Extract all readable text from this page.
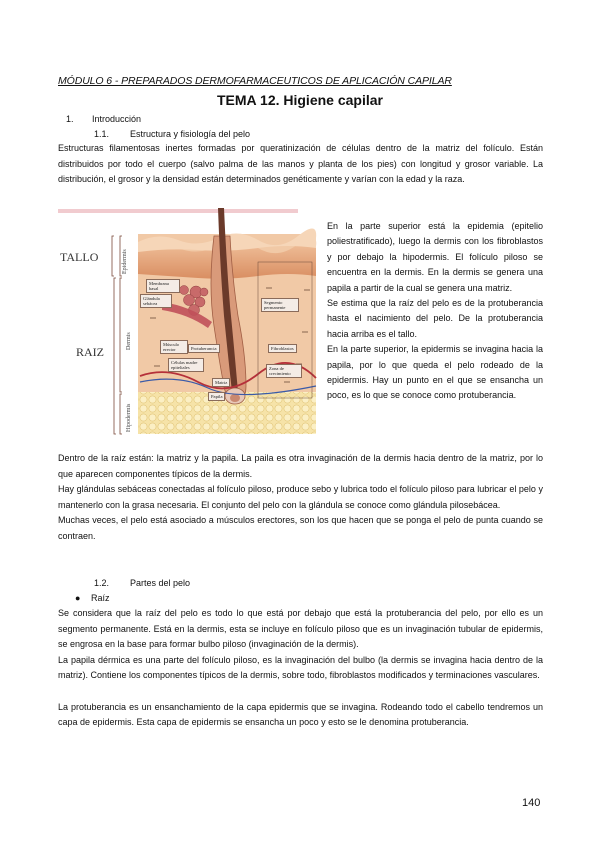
MÓDULO 6 - PREPARADOS DERMOFARMACEUTICOS DE APLICACIÓN CAPILAR
TEMA 12. Higiene capilar
1. Introducción
1.1. Estructura y fisiología del pelo

Estructuras filamentosas inertes formadas por queratinización de células dentro de la matriz del folículo. Están distribuidos por todo el cuerpo (salvo palma de las manos y planta de los pies) con longitud y grosor variable. La distribución, el grosor y la densidad están determinados genéticamente y varían con la edad y la raza.

TALLO
RAIZ
Epidermis
Dermis
Hipodermis
Membrana basal
Glándula sebácea	Segmento permanente
Músculo erector	Protuberancia	Fibroblastos
Células madre epiteliales	Zona de crecimiento
Matriz
Papila

En la parte superior está la epidemia (epitelio poliestratificado), luego la dermis con los fibroblastos y por debajo la hipodermis. El folículo piloso se encuentra en la dermis. En la dermis se genera una papila a partir de la cual se genera una matriz.

Se estima que la raíz del pelo es de la protuberancia hasta el nacimiento del pelo. De la protuberancia hacia arriba es el tallo.

En la parte superior, la epidermis se invagina hacia la papila, por lo que queda el pelo rodeado de la epidermis. Hay un punto en el que se ensancha un poco, es lo que se conoce como protuberancia.

Dentro de la raíz están: la matriz y la papila. La paila es otra invaginación de la dermis hacia dentro de la matriz, por lo que aparecen componentes típicos de la dermis.

Hay glándulas sebáceas conectadas al folículo piloso, produce sebo y lubrica todo el folículo piloso para lubricar el pelo y mantenerlo con la grasa necesaria. El conjunto del pelo con la glándula se conoce como glándula pilosebácea.

Muchas veces, el pelo está asociado a músculos erectores, son los que hacen que se ponga el pelo de punta cuando se contraen.

1.2. Partes del pelo
● Raíz

Se considera que la raíz del pelo es todo lo que está por debajo que está la protuberancia del pelo, por ello es un segmento permanente. Está en la dermis, esta se incluye en folículo piloso que es un invaginación tubular de epidermis, se engrosa en la base para formar bulbo piloso (invaginación de la dermis).

La papila dérmica es una parte del folículo piloso, es la invaginación del bulbo (la dermis se invagina hacia dentro de la matriz). Contiene los componentes típicos de la dermis, sobre todo, fibroblastos modificados y terminaciones vasculares.

La protuberancia es un ensanchamiento de la capa epidermis que se invagina. Rodeando todo el cabello tendremos un capa de epidermis. Esta capa de epidermis se ensancha un poco y esto se le denomina protuberancia.

140
